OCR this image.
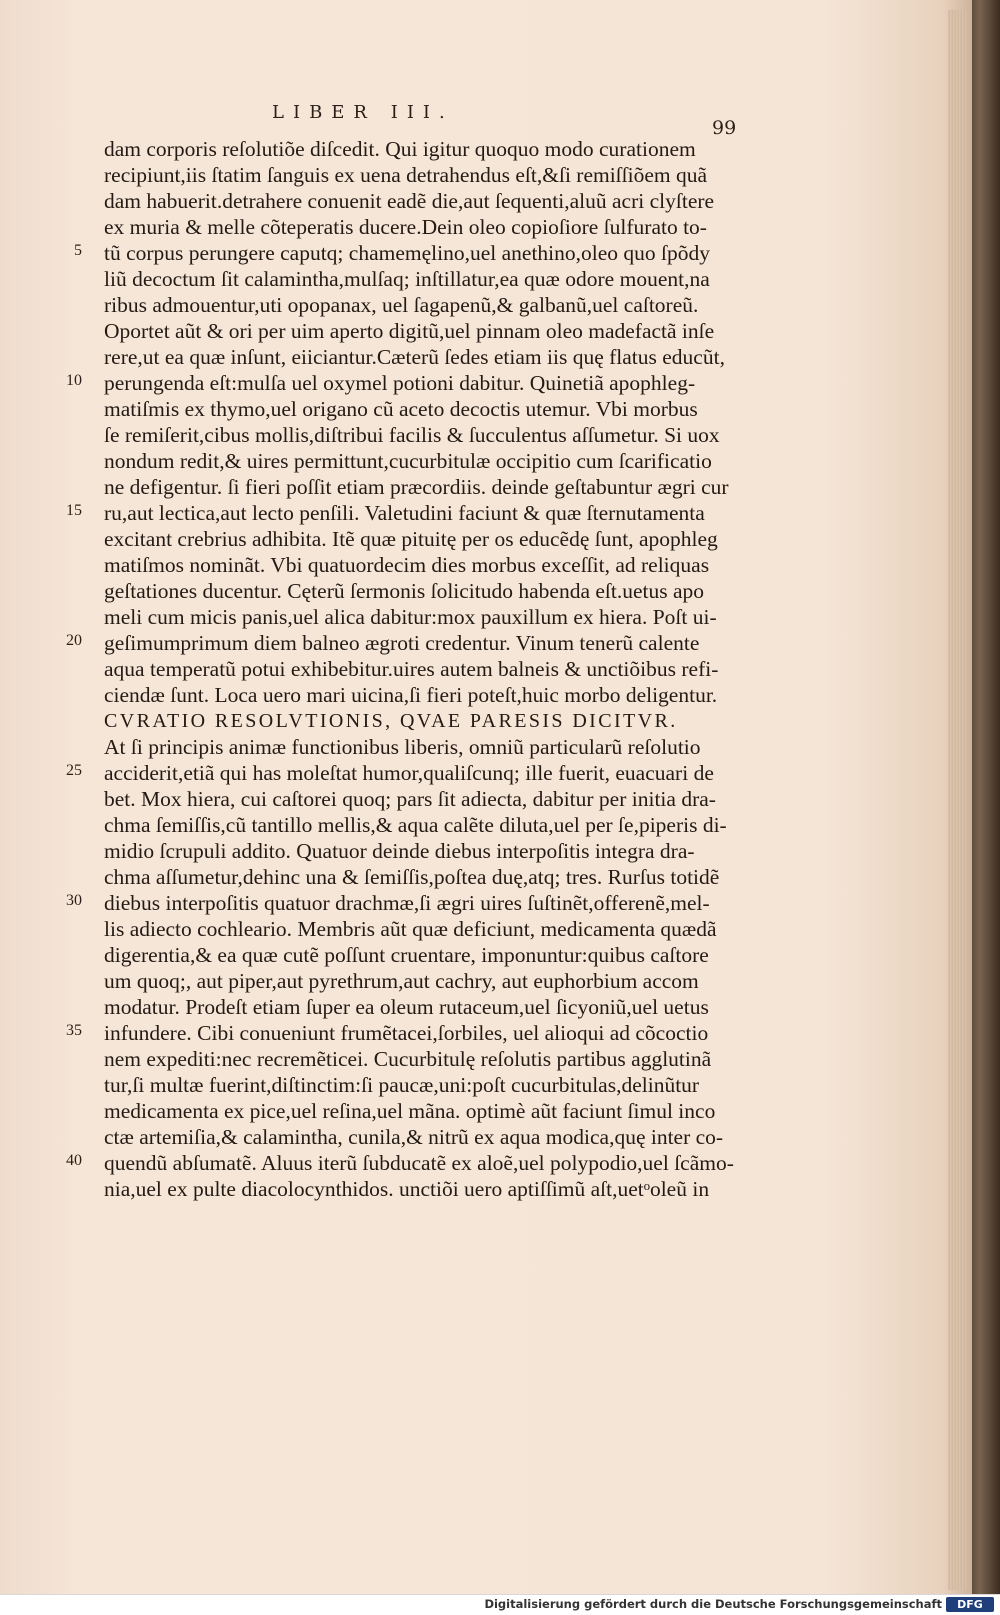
LIBER III.
99
dam corporis reſolutiõe diſcedit. Qui igitur quoquo modo curationem
recipiunt,iis ſtatim ſanguis ex uena detrahendus eſt,&ſi remiſſiõem quã
dam habuerit.detrahere conuenit eadẽ die,aut ſequenti,aluũ acri clyſtere
ex muria & melle cõteperatis ducere.Dein oleo copioſiore ſulfurato to-
tũ corpus perungere caputq; chamemęlino,uel anethino,oleo quo ſpõdy
liũ decoctum ſit calamintha,mulſaq; inſtillatur,ea quæ odore mouent,na
ribus admouentur,uti opopanax, uel ſagapenũ,& galbanũ,uel caſtoreũ.
Oportet aũt & ori per uim aperto digitũ,uel pinnam oleo madefactã inſe
rere,ut ea quæ inſunt, eiiciantur.Cæterũ ſedes etiam iis quę flatus educũt,
perungenda eſt:mulſa uel oxymel potioni dabitur. Quinetiã apophleg-
matiſmis ex thymo,uel origano cũ aceto decoctis utemur. Vbi morbus
ſe remiſerit,cibus mollis,diſtribui facilis & ſucculentus aſſumetur. Si uox
nondum redit,& uires permittunt,cucurbitulæ occipitio cum ſcarificatio
ne defigentur. ſi fieri poſſit etiam præcordiis. deinde geſtabuntur ægri cur
ru,aut lectica,aut lecto penſili. Valetudini faciunt & quæ ſternutamenta
excitant crebrius adhibita. Itẽ quæ pituitę per os educẽdę ſunt, apophleg
matiſmos nominãt. Vbi quatuordecim dies morbus exceſſit, ad reliquas
geſtationes ducentur. Cęterũ ſermonis ſolicitudo habenda eſt.uetus apo
meli cum micis panis,uel alica dabitur:mox pauxillum ex hiera. Poſt ui-
geſimumprimum diem balneo ægroti credentur. Vinum tenerũ calente
aqua temperatũ potui exhibebitur.uires autem balneis & unctiõibus refi-
ciendæ ſunt. Loca uero mari uicina,ſi fieri poteſt,huic morbo deligentur.
CVRATIO RESOLVTIONIS, QVAE PARESIS DICITVR.
At ſi principis animæ functionibus liberis, omniũ particularũ reſolutio
acciderit,etiã qui has moleſtat humor,qualiſcunq; ille fuerit, euacuari de
bet. Mox hiera, cui caſtorei quoq; pars ſit adiecta, dabitur per initia dra-
chma ſemiſſis,cũ tantillo mellis,& aqua calẽte diluta,uel per ſe,piperis di-
midio ſcrupuli addito. Quatuor deinde diebus interpoſitis integra dra-
chma aſſumetur,dehinc una & ſemiſſis,poſtea duę,atq; tres. Rurſus totidẽ
diebus interpoſitis quatuor drachmæ,ſi ægri uires ſuſtinẽt,offerenẽ,mel-
lis adiecto cochleario. Membris aũt quæ deficiunt, medicamenta quædã
digerentia,& ea quæ cutẽ poſſunt cruentare, imponuntur:quibus caſtore
um quoq;, aut piper,aut pyrethrum,aut cachry, aut euphorbium accom
modatur. Prodeſt etiam ſuper ea oleum rutaceum,uel ſicyoniũ,uel uetus
infundere. Cibi conueniunt frumẽtacei,ſorbiles, uel alioqui ad cõcoctio
nem expediti:nec recremẽticei. Cucurbitulę reſolutis partibus agglutinã
tur,ſi multæ fuerint,diſtinctim:ſi paucæ,uni:poſt cucurbitulas,delinũtur
medicamenta ex pice,uel reſina,uel mãna. optimè aũt faciunt ſimul inco
ctæ artemiſia,& calamintha, cunila,& nitrũ ex aqua modica,quę inter co-
quendũ abſumatẽ. Aluus iterũ ſubducatẽ ex aloẽ,uel polypodio,uel ſcãmo-
nia,uel ex pulte diacolocynthidos. unctiõi uero aptiſſimũ aſt,uetᵒoleũ in
5
10
15
20
25
30
35
40
Digitalisierung gefördert durch die Deutsche Forschungsgemeinschaft	DFG
